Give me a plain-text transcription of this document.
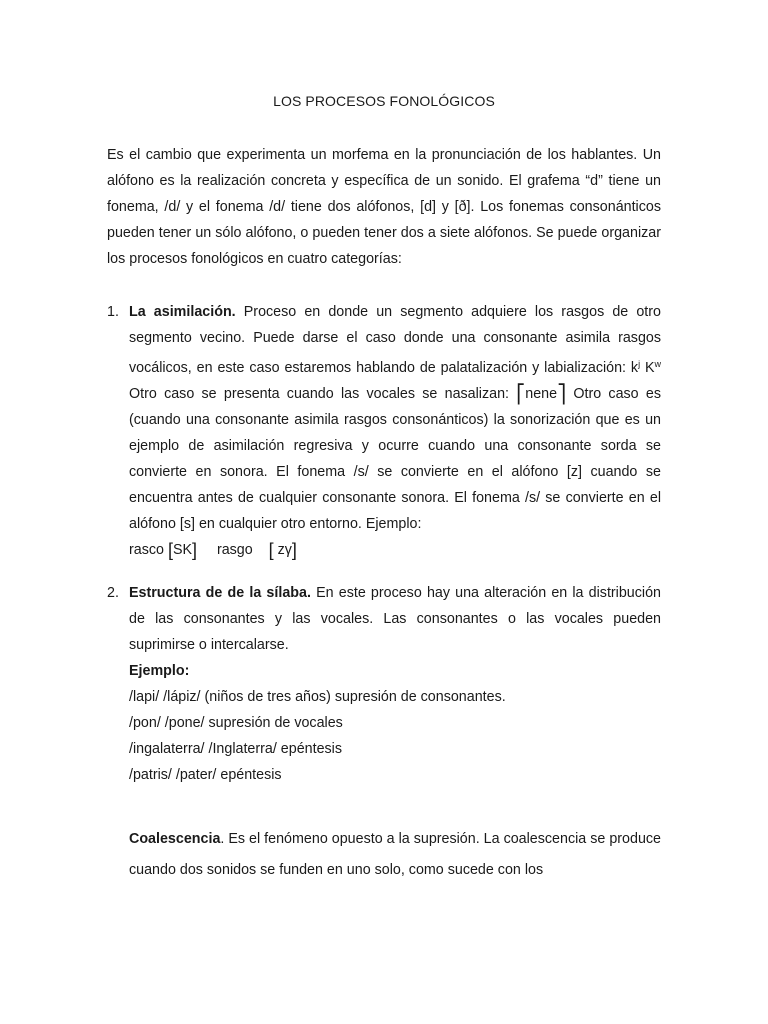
LOS PROCESOS FONOLÓGICOS

Es el cambio que experimenta un morfema en la pronunciación de los hablantes. Un alófono es la realización concreta y específica de un sonido. El grafema “d” tiene un fonema, /d/ y el fonema /d/ tiene dos alófonos, [d] y [ð]. Los fonemas consonánticos pueden tener un sólo alófono, o pueden tener dos a siete alófonos. Se puede organizar los procesos fonológicos en cuatro categorías:

1. La asimilación. Proceso en donde un segmento adquiere los rasgos de otro segmento vecino. Puede darse el caso donde una consonante asimila rasgos vocálicos, en este caso estaremos hablando de palatalización y labialización: $k^j$ $K^w$ Otro caso se presenta cuando las vocales se nasalizan: ⎡nene⎤ Otro caso es (cuando una consonante asimila rasgos consonánticos) la sonorización que es un ejemplo de asimilación regresiva y ocurre cuando una consonante sorda se convierte en sonora. El fonema /s/ se convierte en el alófono [z] cuando se encuentra antes de cualquier consonante sonora. El fonema /s/ se convierte en el alófono [s] en cualquier otro entorno. Ejemplo:

rasco [SK] rasgo [ zγ]
2. Estructura de de la sílaba. En este proceso hay una alteración en la distribución de las consonantes y las vocales. Las consonantes o las vocales pueden suprimirse o intercalarse.

Ejemplo:
/lapi/ /lápiz/ (niños de tres años) supresión de consonantes.
/pon/ /pone/ supresión de vocales
/ingalaterra/ /Inglaterra/ epéntesis
/patris/ /pater/ epéntesis

Coalescencia. Es el fenómeno opuesto a la supresión. La coalescencia se produce cuando dos sonidos se funden en uno solo, como sucede con los
